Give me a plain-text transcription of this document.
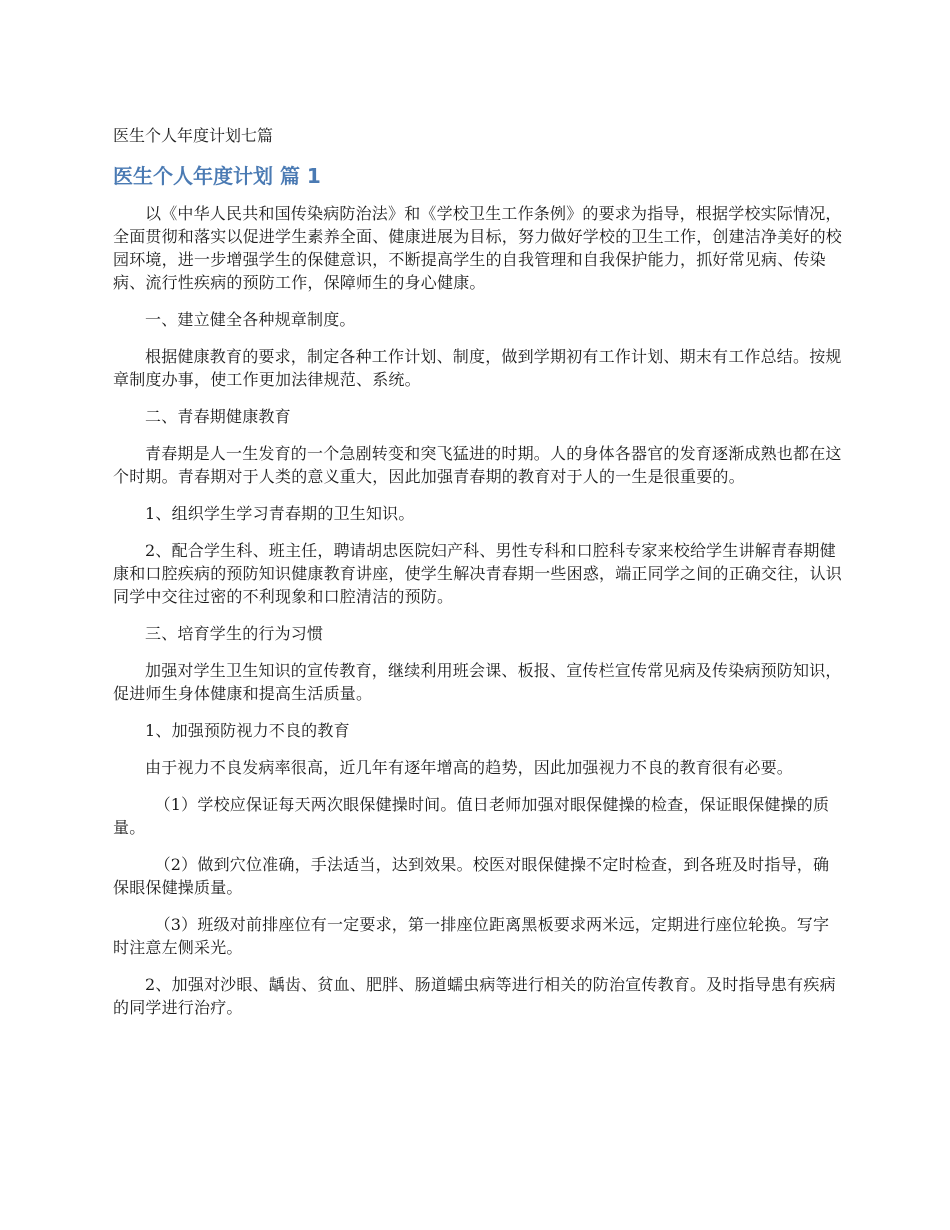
医生个人年度计划七篇
医生个人年度计划 篇 1

以《中华人民共和国传染病防治法》和《学校卫生工作条例》的要求为指导，根据学校实际情况，全面贯彻和落实以促进学生素养全面、健康进展为目标，努力做好学校的卫生工作，创建洁净美好的校园环境，进一步增强学生的保健意识，不断提高学生的自我管理和自我保护能力，抓好常见病、传染病、流行性疾病的预防工作，保障师生的身心健康。

一、建立健全各种规章制度。

根据健康教育的要求，制定各种工作计划、制度，做到学期初有工作计划、期末有工作总结。按规章制度办事，使工作更加法律规范、系统。

二、青春期健康教育

青春期是人一生发育的一个急剧转变和突飞猛进的时期。人的身体各器官的发育逐渐成熟也都在这个时期。青春期对于人类的意义重大，因此加强青春期的教育对于人的一生是很重要的。

1、组织学生学习青春期的卫生知识。

2、配合学生科、班主任，聘请胡忠医院妇产科、男性专科和口腔科专家来校给学生讲解青春期健康和口腔疾病的预防知识健康教育讲座，使学生解决青春期一些困惑，端正同学之间的正确交往，认识同学中交往过密的不利现象和口腔清洁的预防。

三、培育学生的行为习惯

加强对学生卫生知识的宣传教育，继续利用班会课、板报、宣传栏宣传常见病及传染病预防知识，促进师生身体健康和提高生活质量。

1、加强预防视力不良的教育

由于视力不良发病率很高，近几年有逐年增高的趋势，因此加强视力不良的教育很有必要。

（1）学校应保证每天两次眼保健操时间。值日老师加强对眼保健操的检查，保证眼保健操的质量。

（2）做到穴位准确，手法适当，达到效果。校医对眼保健操不定时检查，到各班及时指导，确保眼保健操质量。

（3）班级对前排座位有一定要求，第一排座位距离黑板要求两米远，定期进行座位轮换。写字时注意左侧采光。

2、加强对沙眼、龋齿、贫血、肥胖、肠道蠕虫病等进行相关的防治宣传教育。及时指导患有疾病的同学进行治疗。
